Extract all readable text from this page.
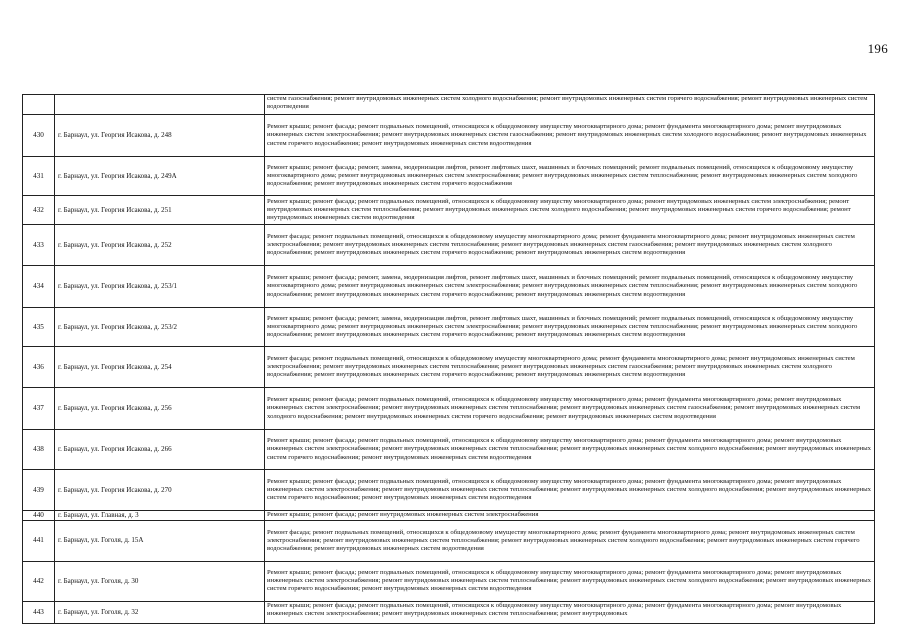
196

		систем газоснабжения; ремонт внутридомовых инженерных систем холодного водоснабжения; ремонт внутридомовых инженерных систем горячего водоснабжения; ремонт внутридомовых инженерных систем водоотведения

430	г. Барнаул, ул. Георгия Исакова, д. 248	Ремонт крыши; ремонт фасада; ремонт подвальных помещений, относящихся к общедомовому имуществу многоквартирного дома; ремонт фундамента многоквартирного дома; ремонт внутридомовых инженерных систем электроснабжения; ремонт внутридомовых инженерных систем газоснабжения; ремонт внутридомовых инженерных систем холодного водоснабжения; ремонт внутридомовых инженерных систем горячего водоснабжения; ремонт внутридомовых инженерных систем водоотведения

431	г. Барнаул, ул. Георгия Исакова, д. 249А	Ремонт крыши; ремонт фасада; ремонт, замена, модернизация лифтов, ремонт лифтовых шахт, машинных и блочных помещений; ремонт подвальных помещений, относящихся к общедомовому имуществу многоквартирного дома; ремонт внутридомовых инженерных систем электроснабжения; ремонт внутридомовых инженерных систем теплоснабжения; ремонт внутридомовых инженерных систем холодного водоснабжения; ремонт внутридомовых инженерных систем горячего водоснабжения

432	г. Барнаул, ул. Георгия Исакова, д. 251	Ремонт крыши; ремонт фасада; ремонт подвальных помещений, относящихся к общедомовому имуществу многоквартирного дома; ремонт внутридомовых инженерных систем электроснабжения; ремонт внутридомовых инженерных систем теплоснабжения; ремонт внутридомовых инженерных систем холодного водоснабжения; ремонт внутридомовых инженерных систем горячего водоснабжения; ремонт внутридомовых инженерных систем водоотведения

433	г. Барнаул, ул. Георгия Исакова, д. 252	Ремонт фасада; ремонт подвальных помещений, относящихся к общедомовому имуществу многоквартирного дома; ремонт фундамента многоквартирного дома; ремонт внутридомовых инженерных систем электроснабжения; ремонт внутридомовых инженерных систем теплоснабжения; ремонт внутридомовых инженерных систем газоснабжения; ремонт внутридомовых инженерных систем холодного водоснабжения; ремонт внутридомовых инженерных систем горячего водоснабжения; ремонт внутридомовых инженерных систем водоотведения

434	г. Барнаул, ул. Георгия Исакова, д. 253/1	Ремонт крыши; ремонт фасада; ремонт, замена, модернизация лифтов, ремонт лифтовых шахт, машинных и блочных помещений; ремонт подвальных помещений, относящихся к общедомовому имуществу многоквартирного дома; ремонт внутридомовых инженерных систем электроснабжения; ремонт внутридомовых инженерных систем теплоснабжения; ремонт внутридомовых инженерных систем холодного водоснабжения; ремонт внутридомовых инженерных систем горячего водоснабжения; ремонт внутридомовых инженерных систем водоотведения

435	г. Барнаул, ул. Георгия Исакова, д. 253/2	Ремонт крыши; ремонт фасада; ремонт, замена, модернизация лифтов, ремонт лифтовых шахт, машинных и блочных помещений; ремонт подвальных помещений, относящихся к общедомовому имуществу многоквартирного дома; ремонт внутридомовых инженерных систем электроснабжения; ремонт внутридомовых инженерных систем теплоснабжения; ремонт внутридомовых инженерных систем холодного водоснабжения; ремонт внутридомовых инженерных систем горячего водоснабжения; ремонт внутридомовых инженерных систем водоотведения

436	г. Барнаул, ул. Георгия Исакова, д. 254	Ремонт фасада; ремонт подвальных помещений, относящихся к общедомовому имуществу многоквартирного дома; ремонт фундамента многоквартирного дома; ремонт внутридомовых инженерных систем электроснабжения; ремонт внутридомовых инженерных систем теплоснабжения; ремонт внутридомовых инженерных систем газоснабжения; ремонт внутридомовых инженерных систем холодного водоснабжения; ремонт внутридомовых инженерных систем горячего водоснабжения; ремонт внутридомовых инженерных систем водоотведения

437	г. Барнаул, ул. Георгия Исакова, д. 256	Ремонт крыши; ремонт фасада; ремонт подвальных помещений, относящихся к общедомовому имуществу многоквартирного дома; ремонт фундамента многоквартирного дома; ремонт внутридомовых инженерных систем электроснабжения; ремонт внутридомовых инженерных систем теплоснабжения; ремонт внутридомовых инженерных систем газоснабжения; ремонт внутридомовых инженерных систем холодного водоснабжения; ремонт внутридомовых инженерных систем горячего водоснабжения; ремонт внутридомовых инженерных систем водоотведения

438	г. Барнаул, ул. Георгия Исакова, д. 266	Ремонт крыши; ремонт фасада; ремонт подвальных помещений, относящихся к общедомовому имуществу многоквартирного дома; ремонт фундамента многоквартирного дома; ремонт внутридомовых инженерных систем электроснабжения; ремонт внутридомовых инженерных систем теплоснабжения; ремонт внутридомовых инженерных систем холодного водоснабжения; ремонт внутридомовых инженерных систем горячего водоснабжения; ремонт внутридомовых инженерных систем водоотведения

439	г. Барнаул, ул. Георгия Исакова, д. 270	Ремонт крыши; ремонт фасада; ремонт подвальных помещений, относящихся к общедомовому имуществу многоквартирного дома; ремонт фундамента многоквартирного дома; ремонт внутридомовых инженерных систем электроснабжения; ремонт внутридомовых инженерных систем теплоснабжения; ремонт внутридомовых инженерных систем холодного водоснабжения; ремонт внутридомовых инженерных систем горячего водоснабжения; ремонт внутридомовых инженерных систем водоотведения

440	г. Барнаул, ул. Главная, д. 3	Ремонт крыши; ремонт фасада; ремонт внутридомовых инженерных систем электроснабжения

441	г. Барнаул, ул. Гоголя, д. 15А	Ремонт фасада; ремонт подвальных помещений, относящихся к общедомовому имуществу многоквартирного дома; ремонт фундамента многоквартирного дома; ремонт внутридомовых инженерных систем электроснабжения; ремонт внутридомовых инженерных систем теплоснабжения; ремонт внутридомовых инженерных систем холодного водоснабжения; ремонт внутридомовых инженерных систем горячего водоснабжения; ремонт внутридомовых инженерных систем водоотведения

442	г. Барнаул, ул. Гоголя, д. 30	Ремонт крыши; ремонт фасада; ремонт подвальных помещений, относящихся к общедомовому имуществу многоквартирного дома; ремонт фундамента многоквартирного дома; ремонт внутридомовых инженерных систем электроснабжения; ремонт внутридомовых инженерных систем теплоснабжения; ремонт внутридомовых инженерных систем холодного водоснабжения; ремонт внутридомовых инженерных систем горячего водоснабжения; ремонт внутридомовых инженерных систем водоотведения

443	г. Барнаул, ул. Гоголя, д. 32	Ремонт крыши; ремонт фасада; ремонт подвальных помещений, относящихся к общедомовому имуществу многоквартирного дома; ремонт фундамента многоквартирного дома; ремонт внутридомовых инженерных систем электроснабжения; ремонт внутридомовых инженерных систем теплоснабжения; ремонт внутридомовых
